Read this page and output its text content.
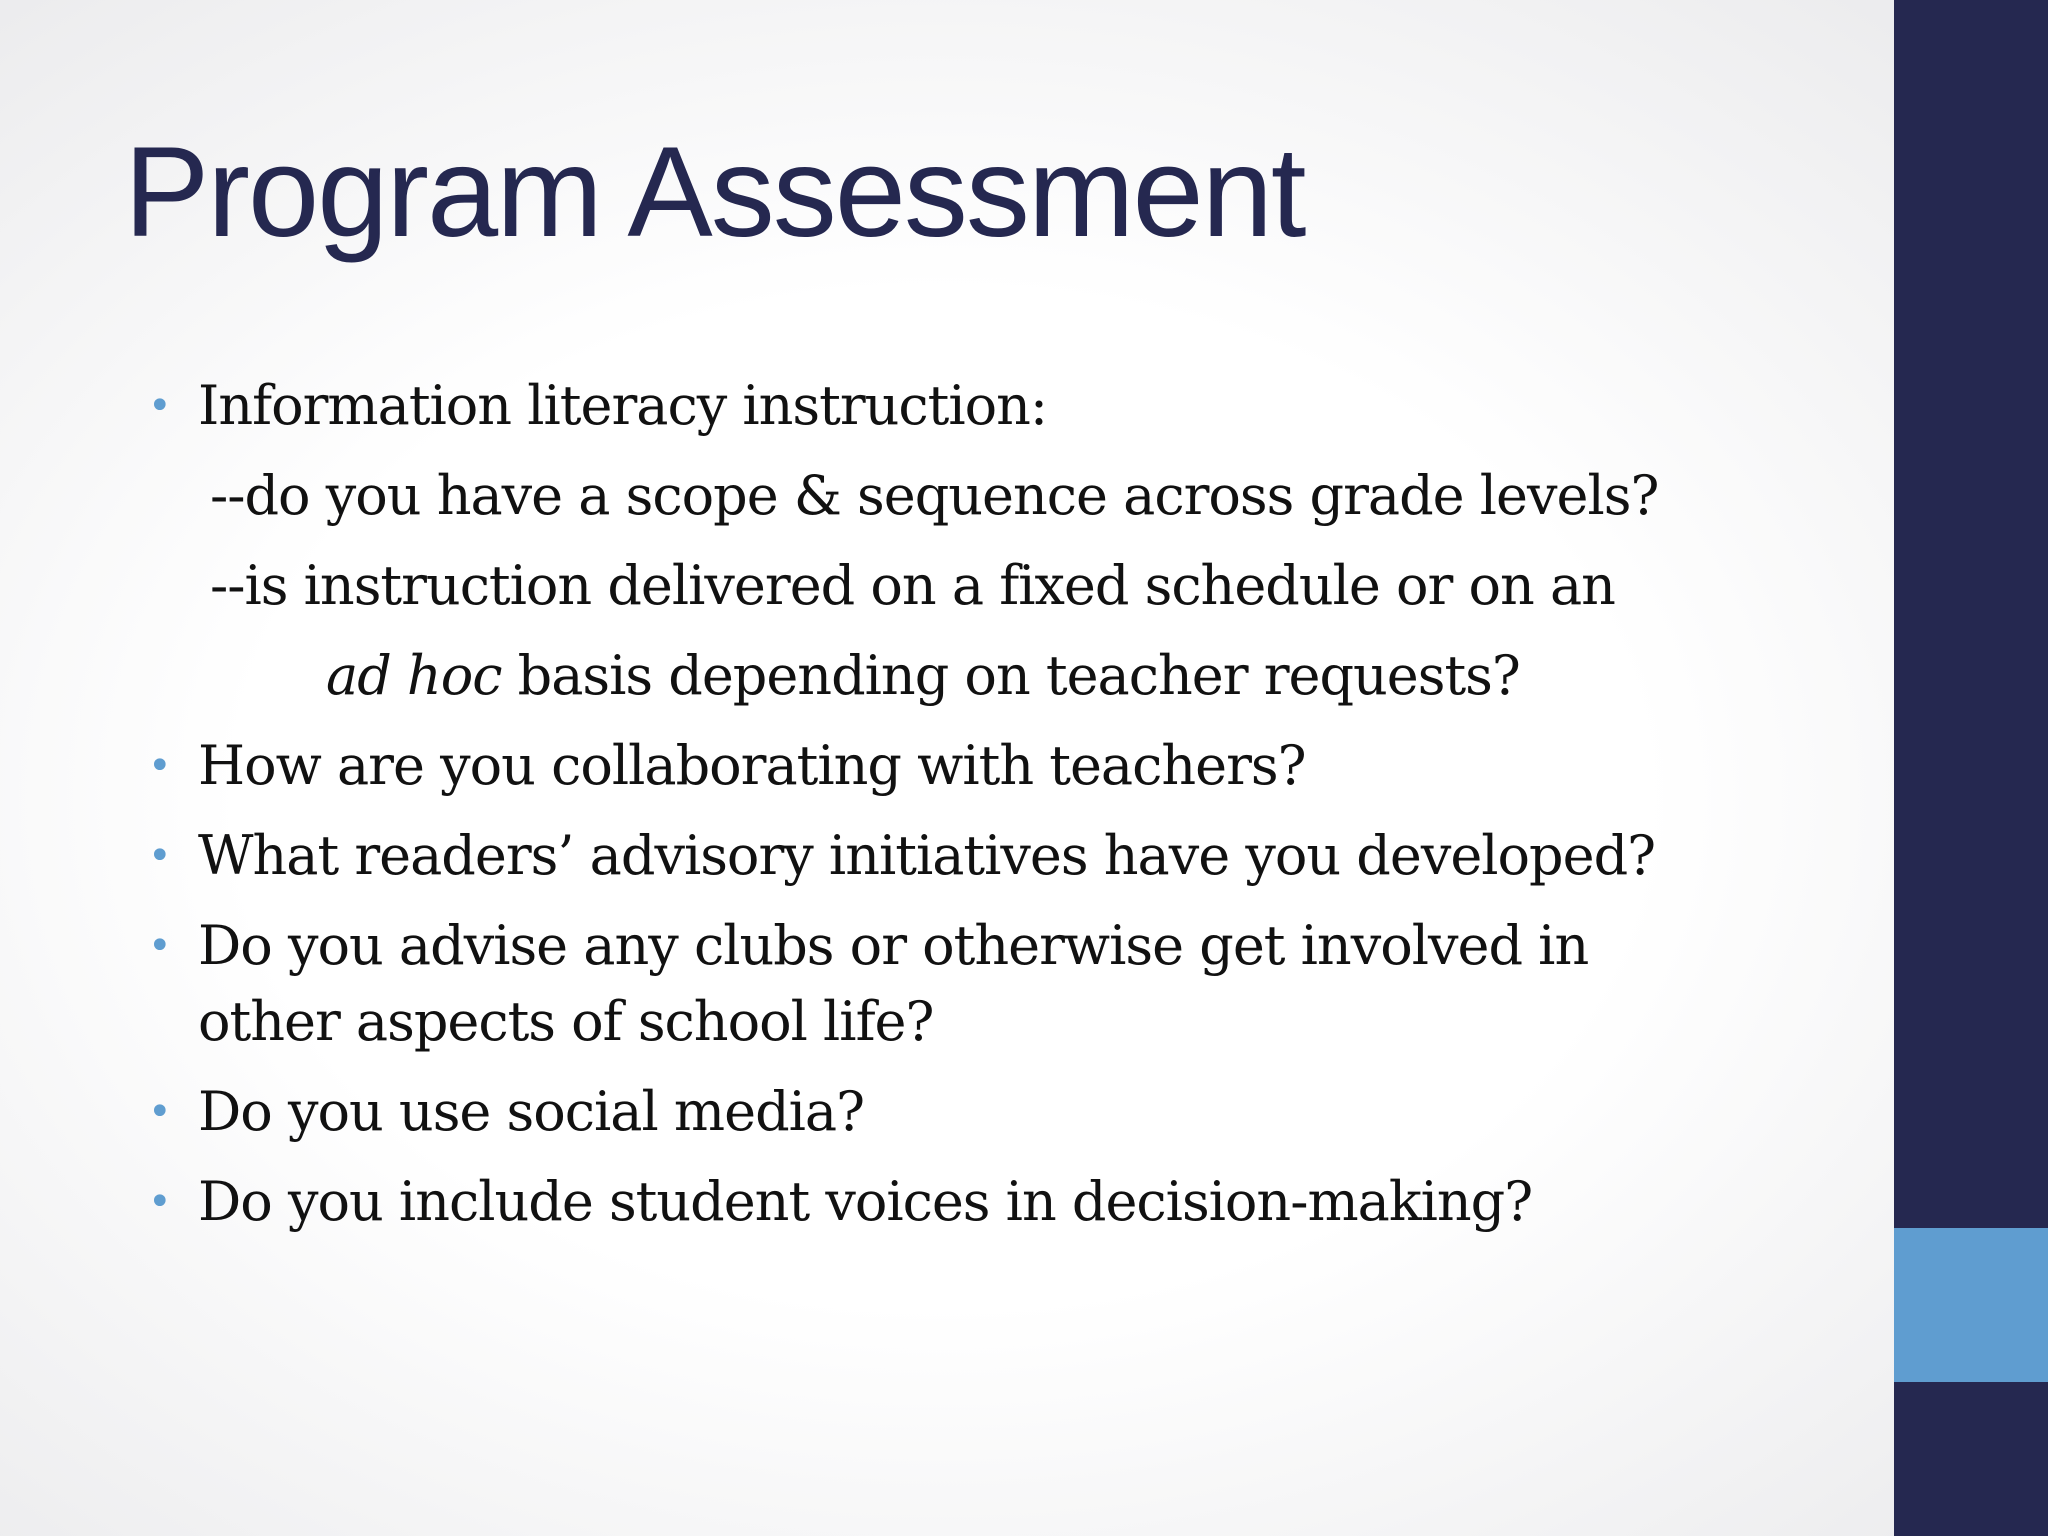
Program Assessment
• Information literacy instruction:
--do you have a scope & sequence across grade levels?
--is instruction delivered on a fixed schedule or on an
ad hoc basis depending on teacher requests?
• How are you collaborating with teachers?
• What readers’ advisory initiatives have you developed?
• Do you advise any clubs or otherwise get involved in
other aspects of school life?
• Do you use social media?
• Do you include student voices in decision-making?
